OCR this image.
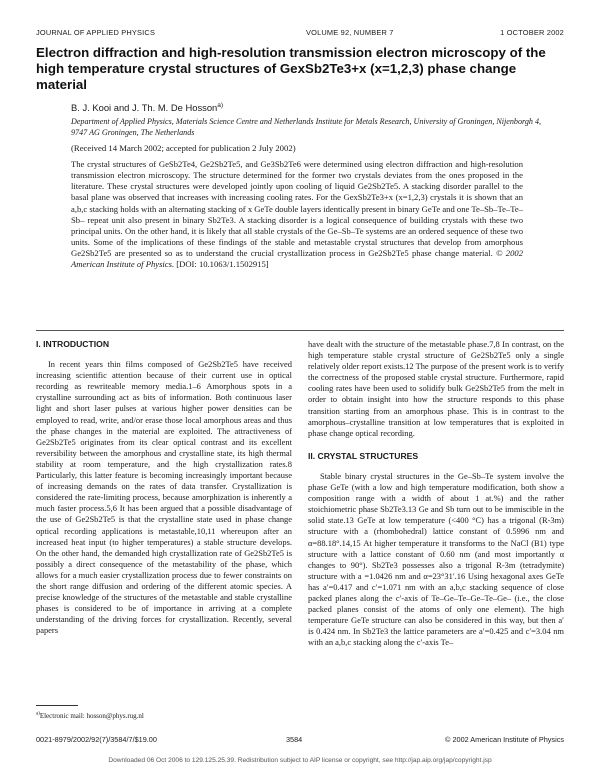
JOURNAL OF APPLIED PHYSICS	VOLUME 92, NUMBER 7	1 OCTOBER 2002
Electron diffraction and high-resolution transmission electron microscopy of the high temperature crystal structures of GexSb2Te3+x (x=1,2,3) phase change material
B. J. Kooi and J. Th. M. De Hosson$^{a)}$
Department of Applied Physics, Materials Science Centre and Netherlands Institute for Metals Research, University of Groningen, Nijenborgh 4, 9747 AG Groningen, The Netherlands
(Received 14 March 2002; accepted for publication 2 July 2002)
The crystal structures of GeSb2Te4, Ge2Sb2Te5, and Ge3Sb2Te6 were determined using electron diffraction and high-resolution transmission electron microscopy. The structure determined for the former two crystals deviates from the ones proposed in the literature. These crystal structures were developed jointly upon cooling of liquid Ge2Sb2Te5. A stacking disorder parallel to the basal plane was observed that increases with increasing cooling rates. For the GexSb2Te3+x (x=1,2,3) crystals it is shown that an a,b,c stacking holds with an alternating stacking of x GeTe double layers identically present in binary GeTe and one Te–Sb–Te–Te–Sb– repeat unit also present in binary Sb2Te3. A stacking disorder is a logical consequence of building crystals with these two principal units. On the other hand, it is likely that all stable crystals of the Ge–Sb–Te systems are an ordered sequence of these two units. Some of the implications of these findings of the stable and metastable crystal structures that develop from amorphous Ge2Sb2Te5 are presented so as to understand the crucial crystallization process in Ge2Sb2Te5 phase change material. © 2002 American Institute of Physics. [DOI: 10.1063/1.1502915]
I. INTRODUCTION

In recent years thin films composed of Ge2Sb2Te5 have received increasing scientific attention because of their current use in optical recording as rewriteable memory media.1–6 Amorphous spots in a crystalline surrounding act as bits of information. Both continuous laser light and short laser pulses at various higher power densities can be employed to read, write, and/or erase those local amorphous areas and thus the phase changes in the material are exploited. The attractiveness of Ge2Sb2Te5 originates from its clear optical contrast and its excellent reversibility between the amorphous and crystalline state, its high thermal stability at room temperature, and the high crystallization rates.8 Particularly, this latter feature is becoming increasingly important because of increasing demands on the rates of data transfer. Crystallization is considered the rate-limiting process, because amorphization is inherently a much faster process.5,6 It has been argued that a possible disadvantage of the use of Ge2Sb2Te5 is that the crystalline state used in phase change optical recording applications is metastable,10,11 whereupon after an increased heat input (to higher temperatures) a stable structure develops. On the other hand, the demanded high crystallization rate of Ge2Sb2Te5 is possibly a direct consequence of the metastability of the phase, which allows for a much easier crystallization process due to fewer constraints on the short range diffusion and ordering of the different atomic species. A precise knowledge of the structures of the metastable and stable crystalline phases is considered to be of importance in arriving at a complete understanding of the driving forces for crystallization. Recently, several papers

have dealt with the structure of the metastable phase.7,8 In contrast, on the high temperature stable crystal structure of Ge2Sb2Te5 only a single relatively older report exists.12 The purpose of the present work is to verify the correctness of the proposed stable crystal structure. Furthermore, rapid cooling rates have been used to solidify bulk Ge2Sb2Te5 from the melt in order to obtain insight into how the structure responds to this phase transition starting from an amorphous phase. This is in contrast to the amorphous–crystalline transition at low temperatures that is exploited in phase change optical recording.

II. CRYSTAL STRUCTURES

Stable binary crystal structures in the Ge–Sb–Te system involve the phase GeTe (with a low and high temperature modification, both show a composition range with a width of about 1 at.%) and the rather stoichiometric phase Sb2Te3.13 Ge and Sb turn out to be immiscible in the solid state.13 GeTe at low temperature (<400 °C) has a trigonal (R-3m) structure with a (rhombohedral) lattice constant of 0.5996 nm and α=88.18°.14,15 At higher temperature it transforms to the NaCl (B1) type structure with a lattice constant of 0.60 nm (and most importantly α changes to 90°). Sb2Te3 possesses also a trigonal R-3m (tetradymite) structure with a =1.0426 nm and α=23°31′.16 Using hexagonal axes GeTe has a′=0.417 and c′=1.071 nm with an a,b,c stacking sequence of close packed planes along the c′-axis of Te–Ge–Te–Ge–Te–Ge– (i.e., the close packed planes consist of the atoms of only one element). The high temperature GeTe structure can also be considered in this way, but then a′ is 0.424 nm. In Sb2Te3 the lattice parameters are a′=0.425 and c′=3.04 nm with an a,b,c stacking along the c′-axis Te–

$^{a)}$Electronic mail: hosson@phys.rug.nl
0021-8979/2002/92(7)/3584/7/$19.00	3584	© 2002 American Institute of Physics
Downloaded 06 Oct 2006 to 129.125.25.39. Redistribution subject to AIP license or copyright, see http://jap.aip.org/jap/copyright.jsp
